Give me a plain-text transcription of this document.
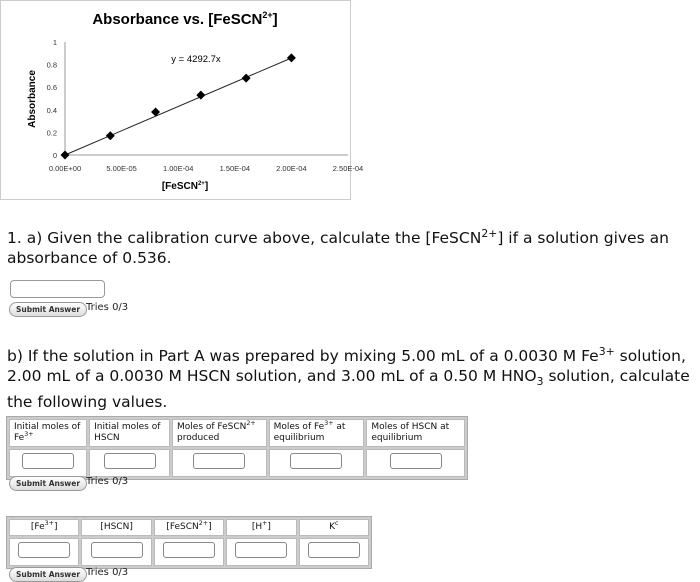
Absorbance vs. [FeSCN$^{2+}$]
[FeSCN$^{2+}$]
Absorbance
0.00E+00	5.00E-05	1.00E-04	1.50E-04	2.00E-04	2.50E-04
0
0.2
0.4
0.6
0.8
1
y = 4292.7x

1. a) Given the calibration curve above, calculate the [FeSCN$^{2+}$] if a solution gives an absorbance of 0.536.

Submit Answer Tries 0/3

b) If the solution in Part A was prepared by mixing 5.00 mL of a 0.0030 M $Fe^{3+}$ solution, 2.00 mL of a 0.0030 M HSCN solution, and 3.00 mL of a 0.50 M $HNO_3$ solution, calculate the following values.

Initial moles of $Fe^{3+}$	Initial moles of HSCN	Moles of FeSCN$^{2+}$ produced	Moles of $Fe^{3+}$ at equilibrium	Moles of HSCN at equilibrium

Submit Answer Tries 0/3
$[Fe^{3+}]$	[HSCN]	[FeSCN$^{2+}$]	[H+]	$K^c$

Submit Answer Tries 0/3
